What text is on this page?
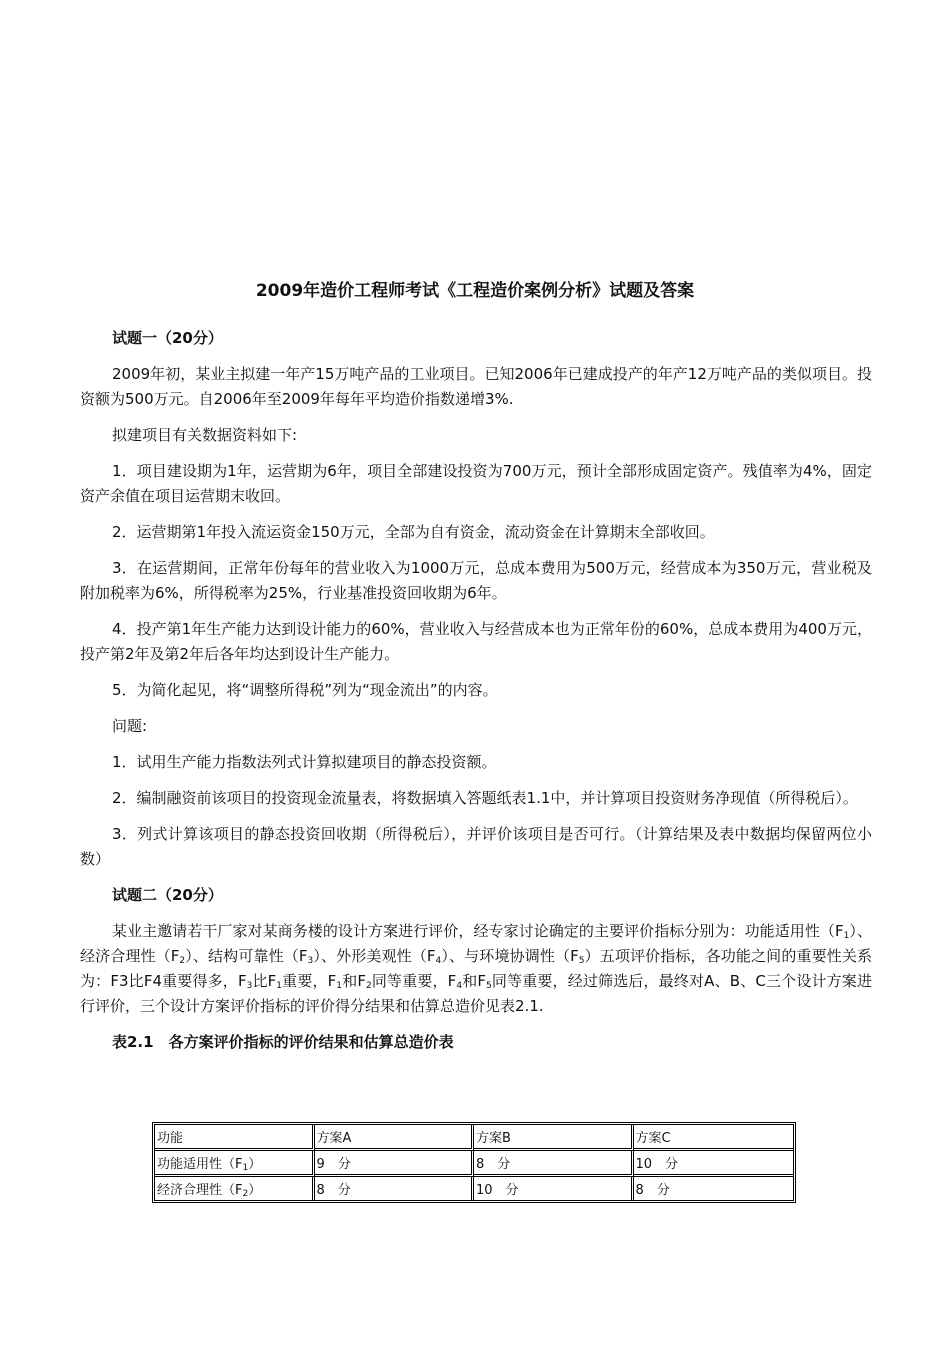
2009年造价工程师考试《工程造价案例分析》试题及答案

试题一（20分）

2009年初，某业主拟建一年产15万吨产品的工业项目。已知2006年已建成投产的年产12万吨产品的类似项目。投资额为500万元。自2006年至2009年每年平均造价指数递增3%.

拟建项目有关数据资料如下:

1．项目建设期为1年，运营期为6年，项目全部建设投资为700万元，预计全部形成固定资产。残值率为4%，固定资产余值在项目运营期末收回。

2．运营期第1年投入流运资金150万元，全部为自有资金，流动资金在计算期末全部收回。

3．在运营期间，正常年份每年的营业收入为1000万元，总成本费用为500万元，经营成本为350万元，营业税及附加税率为6%，所得税率为25%，行业基准投资回收期为6年。

4．投产第1年生产能力达到设计能力的60%，营业收入与经营成本也为正常年份的60%，总成本费用为400万元，投产第2年及第2年后各年均达到设计生产能力。

5．为简化起见，将“调整所得税”列为“现金流出”的内容。

问题:

1．试用生产能力指数法列式计算拟建项目的静态投资额。

2．编制融资前该项目的投资现金流量表，将数据填入答题纸表1.1中，并计算项目投资财务净现值（所得税后）。

3．列式计算该项目的静态投资回收期（所得税后），并评价该项目是否可行。（计算结果及表中数据均保留两位小数）

试题二（20分）

某业主邀请若干厂家对某商务楼的设计方案进行评价，经专家讨论确定的主要评价指标分别为：功能适用性$(F_1)$、经济合理性$(F_2)$、结构可靠性$(F_3)$、外形美观性$(F_4)$、与环境协调性$(F_5)$五项评价指标，各功能之间的重要性关系为：F3比F4重要得多，$F_3$比$F_1$重要，$F_1$和$F_2$同等重要，$F_4$和$F_5$同等重要，经过筛选后，最终对A、B、C三个设计方案进行评价，三个设计方案评价指标的评价得分结果和估算总造价见表2.1.

表2.1　各方案评价指标的评价结果和估算总造价表

功能	方案A	方案B	方案C
功能适用性$(F_1)$	9　分	8　分	10　分
经济合理性$(F_2)$	8　分	10　分	8　分
